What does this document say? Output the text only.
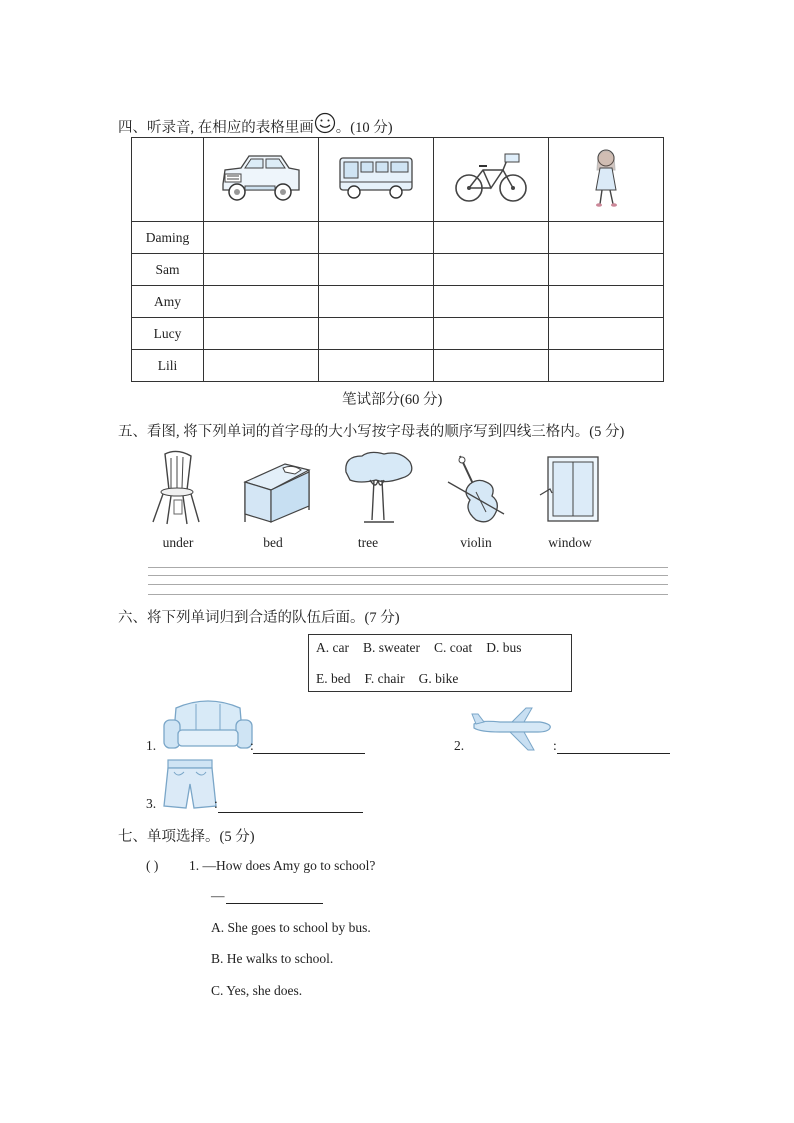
四、听录音, 在相应的表格里画 。(10 分)

Daming				
Sam				
Amy				
Lucy				
Lili				
笔试部分(60 分)
五、看图, 将下列单词的首字母的大小写按字母表的顺序写到四线三格内。(5 分)
under	bed	tree	violin	window
六、将下列单词归到合适的队伍后面。(7 分)
A. car B. sweater C. coat D. bus
E. bed F. chair G. bike
1.	:	2.	:
3.	:
七、单项选择。(5 分)
( ) 1. —How does Amy go to school?
—
A. She goes to school by bus.
B. He walks to school.
C. Yes, she does.
